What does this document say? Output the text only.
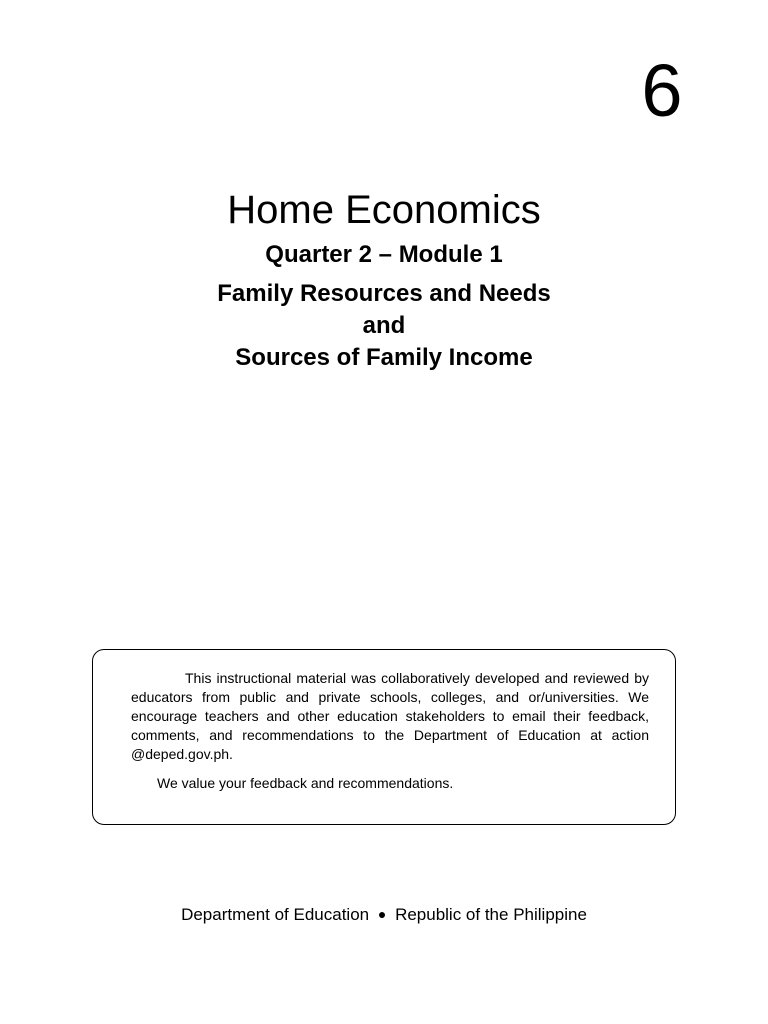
6
Home Economics
Quarter 2 – Module 1
Family Resources and Needs
and
Sources of Family Income

This instructional material was collaboratively developed and reviewed by educators from public and private schools, colleges, and or/universities. We encourage teachers and other education stakeholders to email their feedback, comments, and recommendations to the Department of Education at action @deped.gov.ph.

We value your feedback and recommendations.

Department of Education ● Republic of the Philippine
